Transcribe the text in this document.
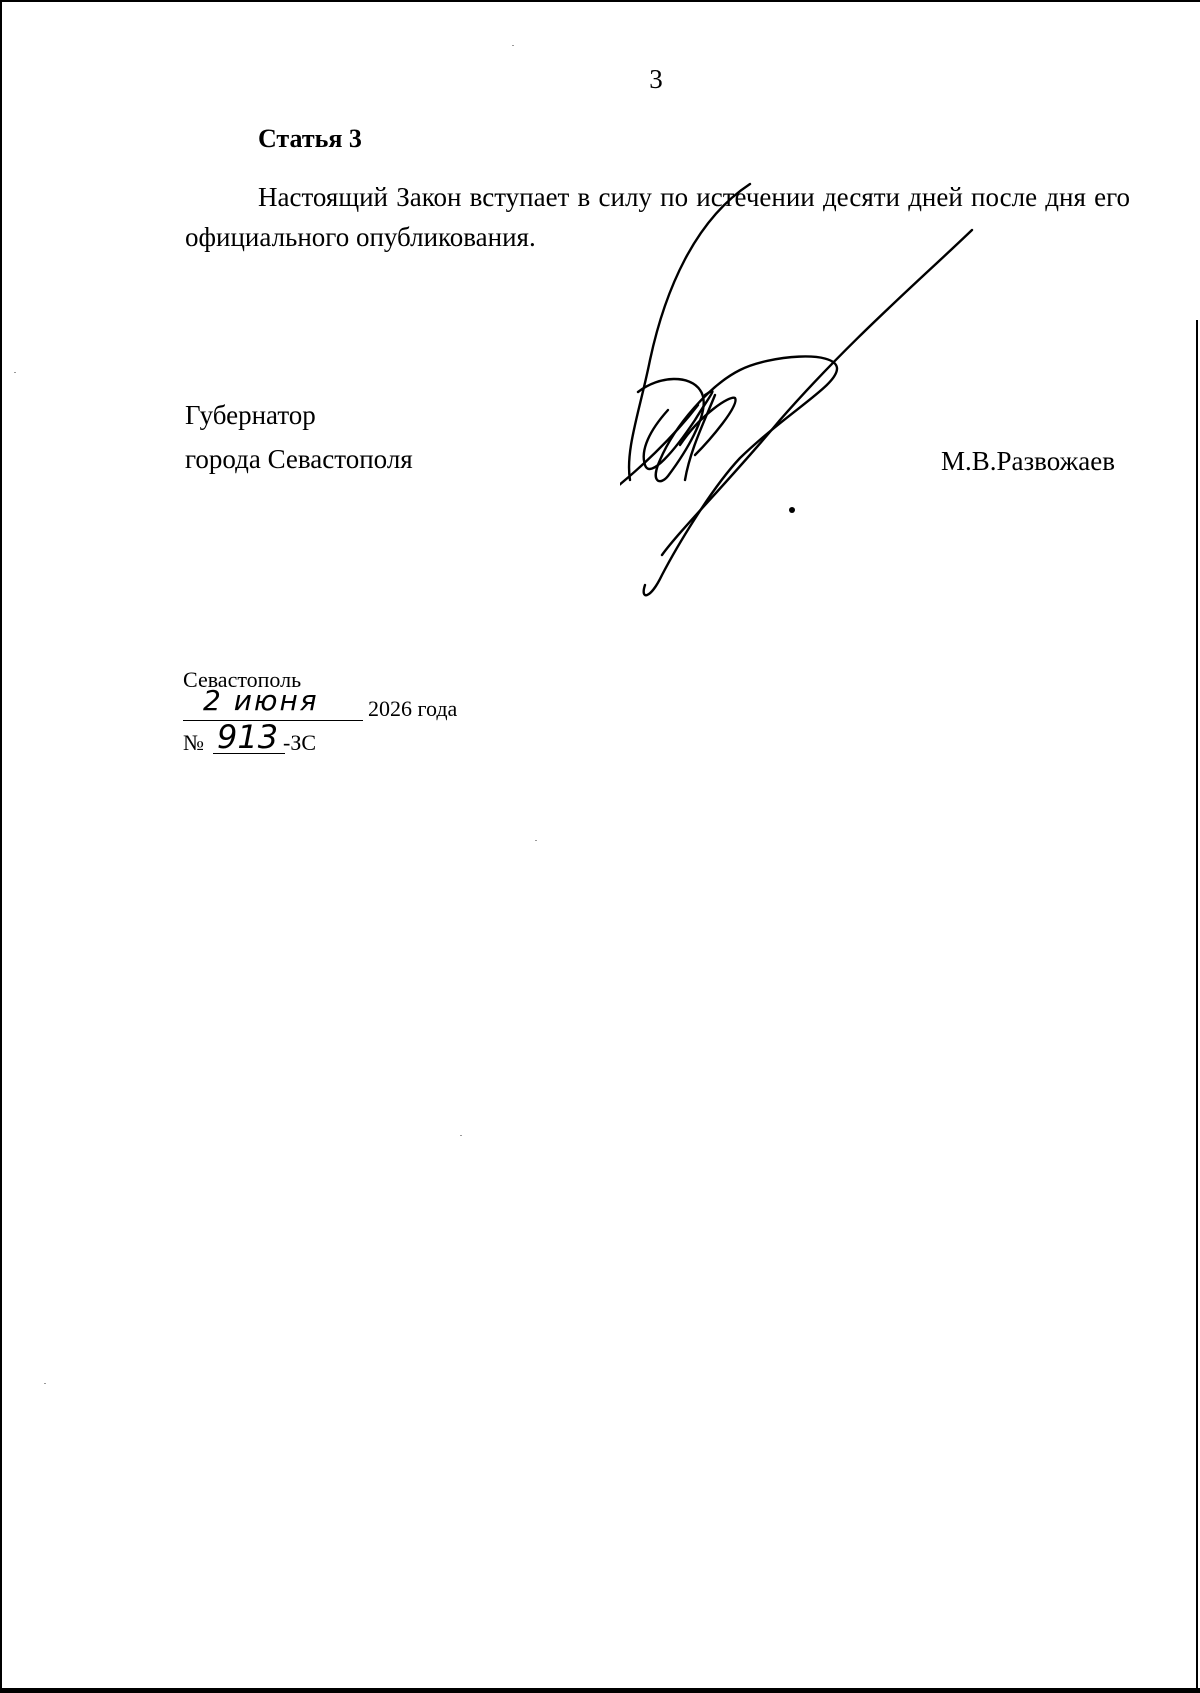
3
Статья 3
Настоящий Закон вступает в силу по истечении десяти дней после дня его официального опубликования.
Губернатор
города Севастополя	М.В.Развожаев
Севастополь
2 июня 2026 года
№ 913 -ЗС
